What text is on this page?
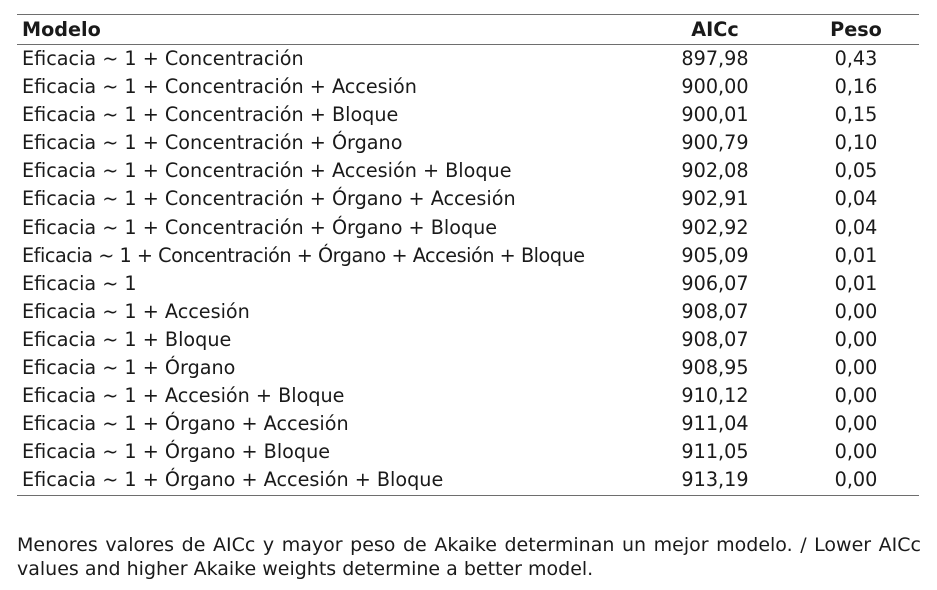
Modelo	AICc	Peso
Eficacia ~ 1 + Concentración	897,98	0,43
Eficacia ~ 1 + Concentración + Accesión	900,00	0,16
Eficacia ~ 1 + Concentración + Bloque	900,01	0,15
Eficacia ~ 1 + Concentración + Órgano	900,79	0,10
Eficacia ~ 1 + Concentración + Accesión + Bloque	902,08	0,05
Eficacia ~ 1 + Concentración + Órgano + Accesión	902,91	0,04
Eficacia ~ 1 + Concentración + Órgano + Bloque	902,92	0,04
Eficacia ~ 1 + Concentración + Órgano + Accesión + Bloque	905,09	0,01
Eficacia ~ 1	906,07	0,01
Eficacia ~ 1 + Accesión	908,07	0,00
Eficacia ~ 1 + Bloque	908,07	0,00
Eficacia ~ 1 + Órgano	908,95	0,00
Eficacia ~ 1 + Accesión + Bloque	910,12	0,00
Eficacia ~ 1 + Órgano + Accesión	911,04	0,00
Eficacia ~ 1 + Órgano + Bloque	911,05	0,00
Eficacia ~ 1 + Órgano + Accesión + Bloque	913,19	0,00

Menores valores de AICc y mayor peso de Akaike determinan un mejor modelo. / Lower AICc values and higher Akaike weights determine a better model.
